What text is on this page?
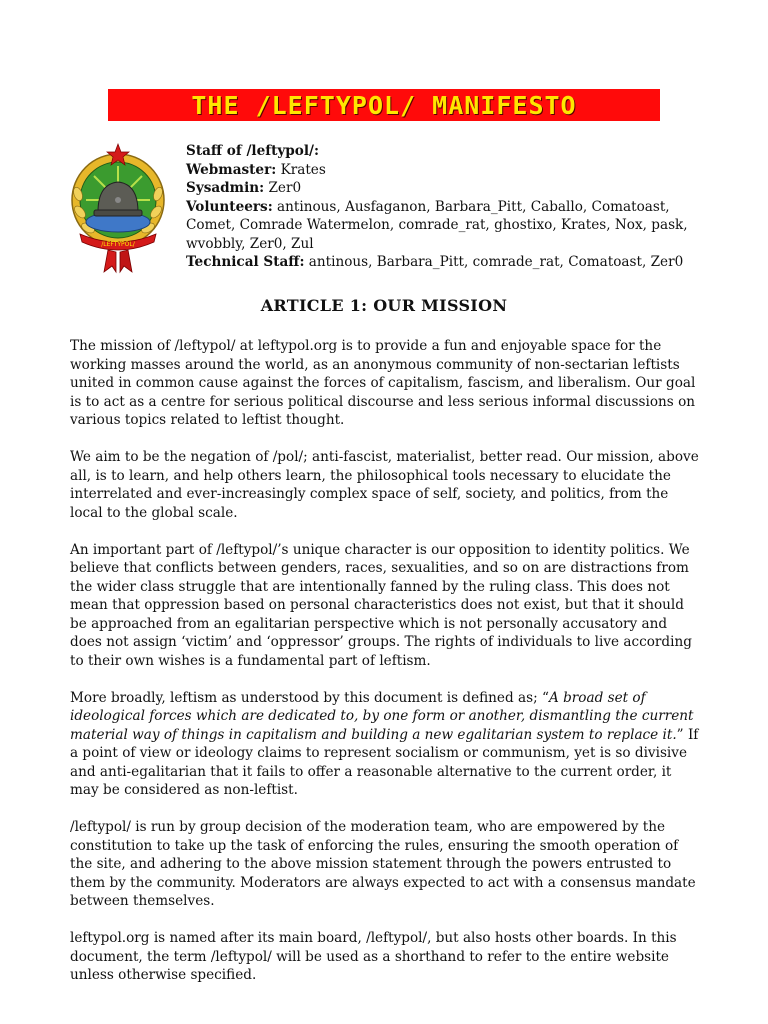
THE /LEFTYPOL/ MANIFESTO
/LEFTYPOL/

Staff of /leftypol/:

Webmaster: Krates

Sysadmin: Zer0

Volunteers: antinous, Ausfaganon, Barbara_Pitt, Caballo, Comatoast, Comet, Comrade Watermelon, comrade_rat, ghostixo, Krates, Nox, pask, wvobbly, Zer0, Zul

Technical Staff: antinous, Barbara_Pitt, comrade_rat, Comatoast, Zer0

ARTICLE 1: OUR MISSION

The mission of /leftypol/ at leftypol.org is to provide a fun and enjoyable space for the working masses around the world, as an anonymous community of non-sectarian leftists united in common cause against the forces of capitalism, fascism, and liberalism. Our goal is to act as a centre for serious political discourse and less serious informal discussions on various topics related to leftist thought.

We aim to be the negation of /pol/; anti-fascist, materialist, better read. Our mission, above all, is to learn, and help others learn, the philosophical tools necessary to elucidate the interrelated and ever-increasingly complex space of self, society, and politics, from the local to the global scale.

An important part of /leftypol/’s unique character is our opposition to identity politics. We believe that conflicts between genders, races, sexualities, and so on are distractions from the wider class struggle that are intentionally fanned by the ruling class. This does not mean that oppression based on personal characteristics does not exist, but that it should be approached from an egalitarian perspective which is not personally accusatory and does not assign ‘victim’ and ‘oppressor’ groups. The rights of individuals to live according to their own wishes is a fundamental part of leftism.

More broadly, leftism as understood by this document is defined as; “A broad set of ideological forces which are dedicated to, by one form or another, dismantling the current material way of things in capitalism and building a new egalitarian system to replace it.” If a point of view or ideology claims to represent socialism or communism, yet is so divisive and anti-egalitarian that it fails to offer a reasonable alternative to the current order, it may be considered as non-leftist.

/leftypol/ is run by group decision of the moderation team, who are empowered by the constitution to take up the task of enforcing the rules, ensuring the smooth operation of the site, and adhering to the above mission statement through the powers entrusted to them by the community. Moderators are always expected to act with a consensus mandate between themselves.

leftypol.org is named after its main board, /leftypol/, but also hosts other boards. In this document, the term /leftypol/ will be used as a shorthand to refer to the entire website unless otherwise specified.
